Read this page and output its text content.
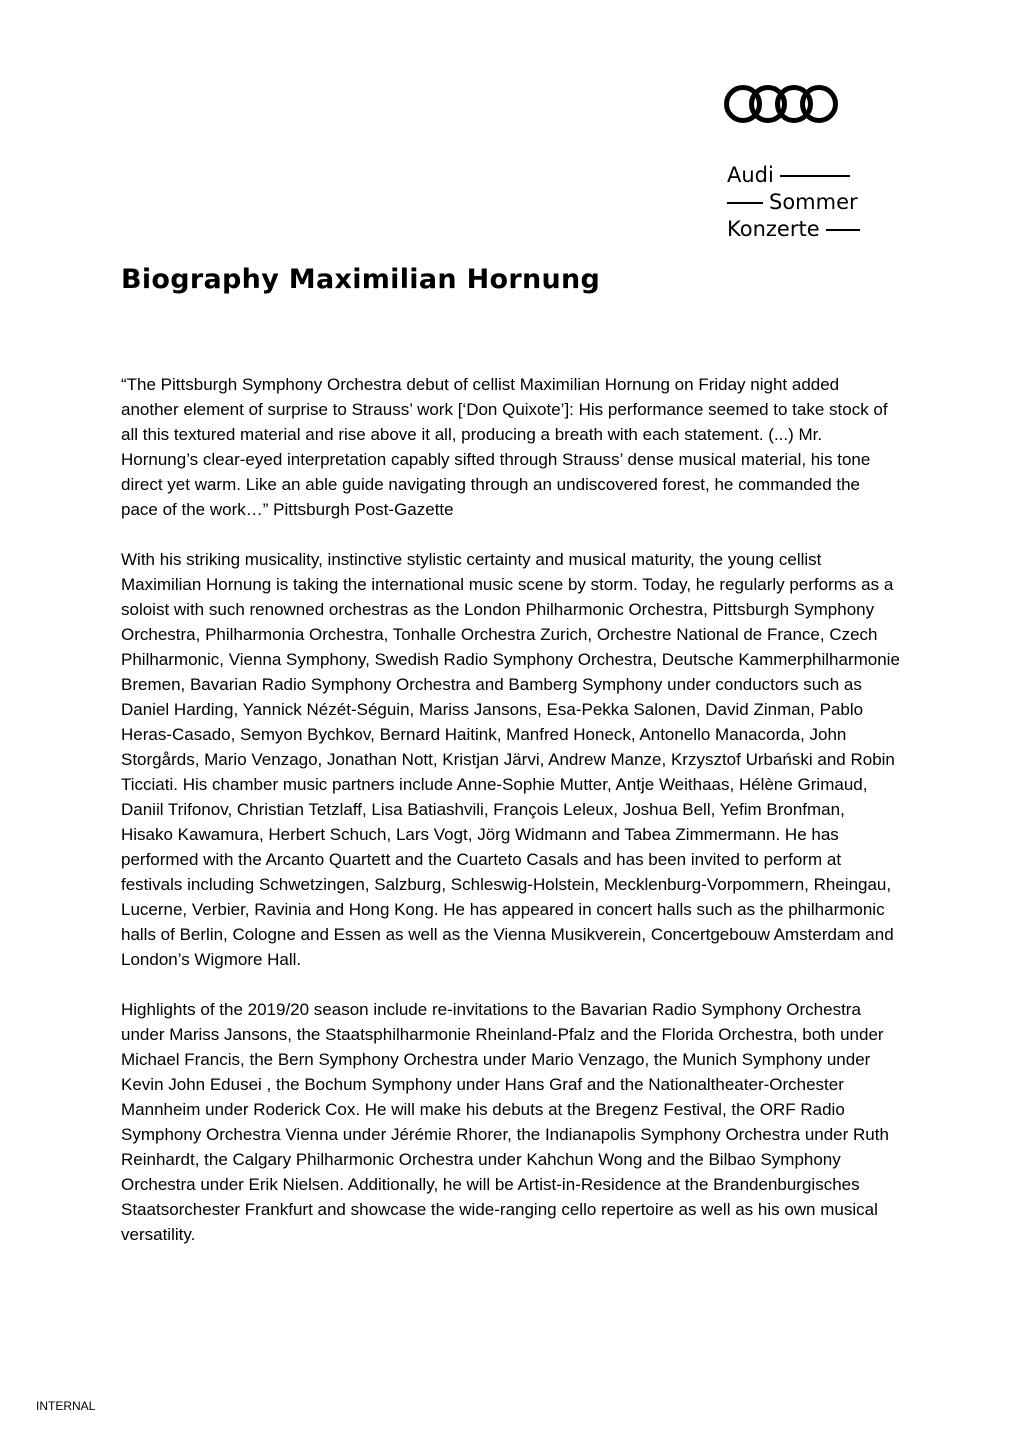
Audi
Sommer
Konzerte
Biography Maximilian Hornung

“The Pittsburgh Symphony Orchestra debut of cellist Maximilian Hornung on Friday night added another element of surprise to Strauss’ work [‘Don Quixote’]: His performance seemed to take stock of all this textured material and rise above it all, producing a breath with each statement. (...) Mr. Hornung’s clear-eyed interpretation capably sifted through Strauss’ dense musical material, his tone direct yet warm. Like an able guide navigating through an undiscovered forest, he commanded the pace of the work…” Pittsburgh Post-Gazette

With his striking musicality, instinctive stylistic certainty and musical maturity, the young cellist Maximilian Hornung is taking the international music scene by storm. Today, he regularly performs as a soloist with such renowned orchestras as the London Philharmonic Orchestra, Pittsburgh Symphony Orchestra, Philharmonia Orchestra, Tonhalle Orchestra Zurich, Orchestre National de France, Czech Philharmonic, Vienna Symphony, Swedish Radio Symphony Orchestra, Deutsche Kammerphilharmonie Bremen, Bavarian Radio Symphony Orchestra and Bamberg Symphony under conductors such as Daniel Harding, Yannick Nézét-Séguin, Mariss Jansons, Esa-Pekka Salonen, David Zinman, Pablo Heras-Casado, Semyon Bychkov, Bernard Haitink, Manfred Honeck, Antonello Manacorda, John Storgårds, Mario Venzago, Jonathan Nott, Kristjan Järvi, Andrew Manze, Krzysztof Urbański and Robin Ticciati. His chamber music partners include Anne-Sophie Mutter, Antje Weithaas, Hélène Grimaud, Daniil Trifonov, Christian Tetzlaff, Lisa Batiashvili, François Leleux, Joshua Bell, Yefim Bronfman, Hisako Kawamura, Herbert Schuch, Lars Vogt, Jörg Widmann and Tabea Zimmermann. He has performed with the Arcanto Quartett and the Cuarteto Casals and has been invited to perform at festivals including Schwetzingen, Salzburg, Schleswig-Holstein, Mecklenburg-Vorpommern, Rheingau, Lucerne, Verbier, Ravinia and Hong Kong. He has appeared in concert halls such as the philharmonic halls of Berlin, Cologne and Essen as well as the Vienna Musikverein, Concertgebouw Amsterdam and London’s Wigmore Hall.

Highlights of the 2019/20 season include re-invitations to the Bavarian Radio Symphony Orchestra under Mariss Jansons, the Staatsphilharmonie Rheinland-Pfalz and the Florida Orchestra, both under Michael Francis, the Bern Symphony Orchestra under Mario Venzago, the Munich Symphony under Kevin John Edusei , the Bochum Symphony under Hans Graf and the Nationaltheater-Orchester Mannheim under Roderick Cox. He will make his debuts at the Bregenz Festival, the ORF Radio Symphony Orchestra Vienna under Jérémie Rhorer, the Indianapolis Symphony Orchestra under Ruth Reinhardt, the Calgary Philharmonic Orchestra under Kahchun Wong and the Bilbao Symphony Orchestra under Erik Nielsen. Additionally, he will be Artist-in-Residence at the Brandenburgisches Staatsorchester Frankfurt and showcase the wide-ranging cello repertoire as well as his own musical versatility.

INTERNAL
